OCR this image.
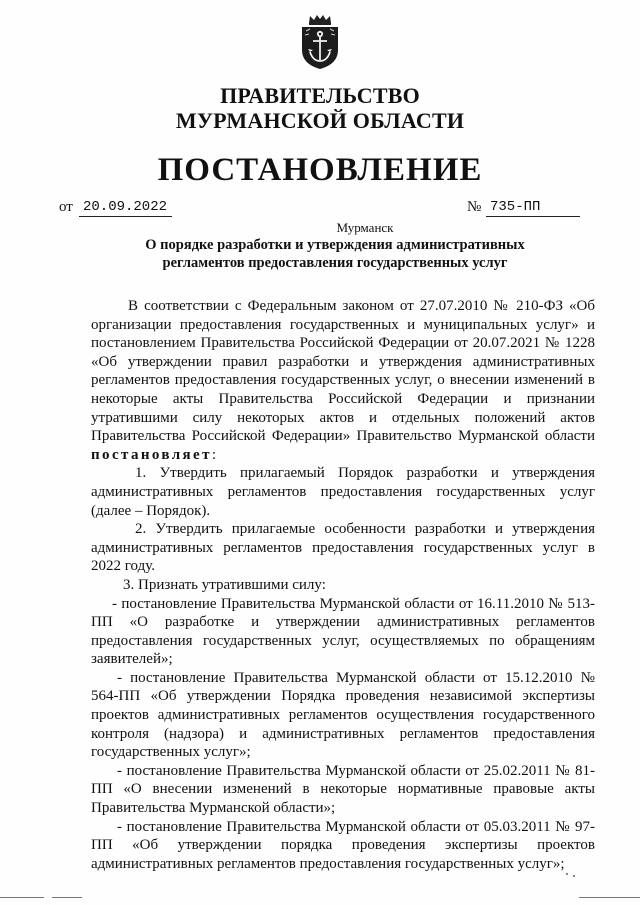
ПРАВИТЕЛЬСТВО
МУРМАНСКОЙ ОБЛАСТИ
ПОСТАНОВЛЕНИЕ
от 20.09.2022	№ 735-ПП
Мурманск
О порядке разработки и утверждения административных
регламентов предоставления государственных услуг

В соответствии с Федеральным законом от 27.07.2010 № 210-ФЗ «Об организации предоставления государственных и муниципальных услуг» и постановлением Правительства Российской Федерации от 20.07.2021 № 1228 «Об утверждении правил разработки и утверждения административных регламентов предоставления государственных услуг, о внесении изменений в некоторые акты Правительства Российской Федерации и признании утратившими силу некоторых актов и отдельных положений актов Правительства Российской Федерации» Правительство Мурманской области постановляет:

1. Утвердить прилагаемый Порядок разработки и утверждения административных регламентов предоставления государственных услуг (далее – Порядок).

2. Утвердить прилагаемые особенности разработки и утверждения административных регламентов предоставления государственных услуг в 2022 году.

3. Признать утратившими силу:

- постановление Правительства Мурманской области от 16.11.2010 № 513-ПП «О разработке и утверждении административных регламентов предоставления государственных услуг, осуществляемых по обращениям заявителей»;

- постановление Правительства Мурманской области от 15.12.2010 № 564-ПП «Об утверждении Порядка проведения независимой экспертизы проектов административных регламентов осуществления государственного контроля (надзора) и административных регламентов предоставления государственных услуг»;

- постановление Правительства Мурманской области от 25.02.2011 № 81-ПП «О внесении изменений в некоторые нормативные правовые акты Правительства Мурманской области»;

- постановление Правительства Мурманской области от 05.03.2011 № 97-ПП «Об утверждении порядка проведения экспертизы проектов административных регламентов предоставления государственных услуг»;
